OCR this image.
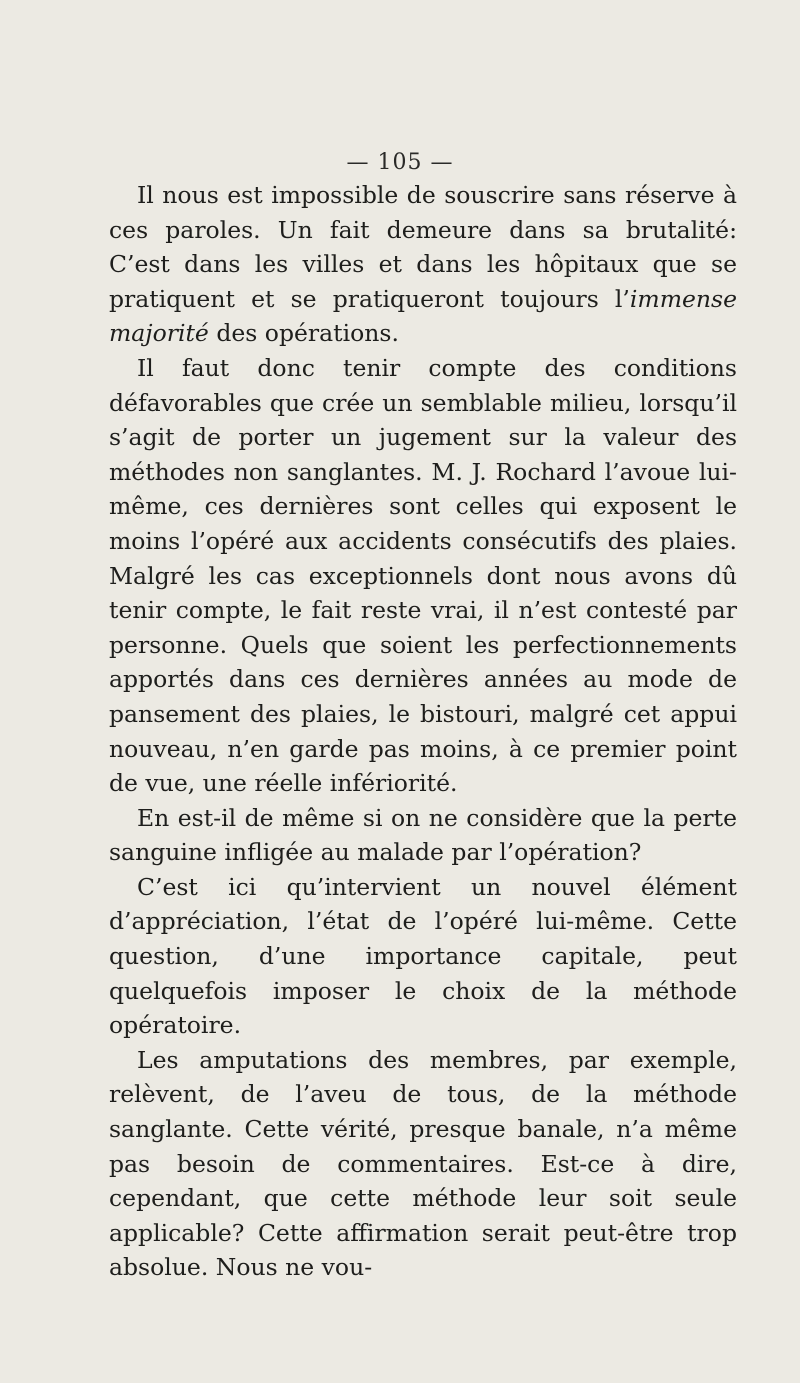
— 105 —

Il nous est impossible de souscrire sans réserve à ces paroles. Un fait demeure dans sa brutalité: C’est dans les villes et dans les hôpitaux que se pratiquent et se pratiqueront toujours l’immense majorité des opérations.

Il faut donc tenir compte des conditions défavorables que crée un semblable milieu, lorsqu’il s’agit de porter un jugement sur la valeur des méthodes non sanglantes. M. J. Rochard l’avoue lui-même, ces dernières sont celles qui exposent le moins l’opéré aux accidents consécutifs des plaies. Malgré les cas exceptionnels dont nous avons dû tenir compte, le fait reste vrai, il n’est contesté par personne. Quels que soient les perfectionnements apportés dans ces dernières années au mode de pansement des plaies, le bistouri, malgré cet appui nouveau, n’en garde pas moins, à ce premier point de vue, une réelle infériorité.

En est-il de même si on ne considère que la perte sanguine infligée au malade par l’opération?

C’est ici qu’intervient un nouvel élément d’appréciation, l’état de l’opéré lui-même. Cette question, d’une importance capitale, peut quelquefois imposer le choix de la méthode opératoire.

Les amputations des membres, par exemple, relèvent, de l’aveu de tous, de la méthode sanglante. Cette vérité, presque banale, n’a même pas besoin de commentaires. Est-ce à dire, cependant, que cette méthode leur soit seule applicable? Cette affirmation serait peut-être trop absolue. Nous ne vou-
